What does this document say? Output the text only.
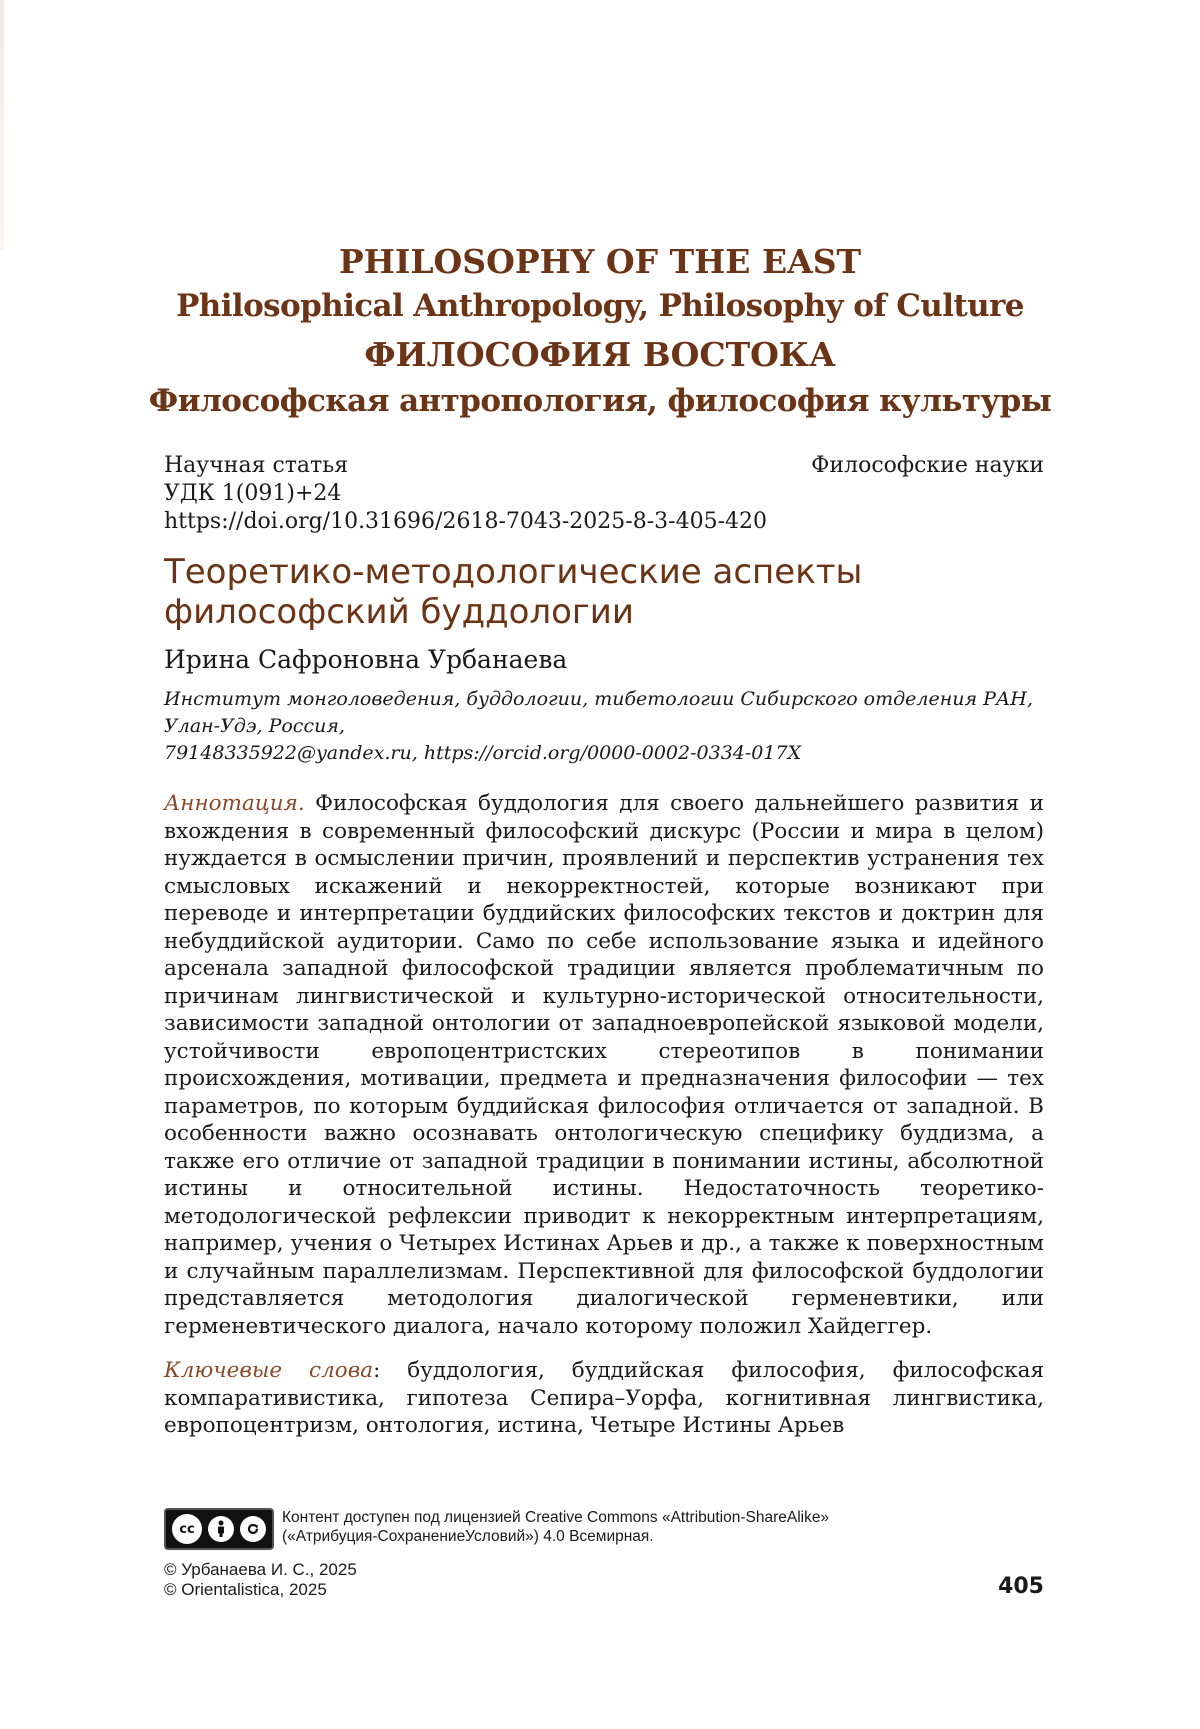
PHILOSOPHY OF THE EAST
Philosophical Anthropology, Philosophy of Culture
ФИЛОСОФИЯ ВОСТОКА
Философская антропология, философия культуры
Научная статья	Философские науки
УДК 1(091)+24
https://doi.org/10.31696/2618-7043-2025-8-3-405-420
Теоретико-методологические аспекты
философский буддологии
Ирина Сафроновна Урбанаева
Институт монголоведения, буддологии, тибетологии Сибирского отделения РАН,
Улан-Удэ, Россия,
79148335922@yandex.ru, https://orcid.org/0000-0002-0334-017X
Аннотация. Философская буддология для своего дальнейшего развития и вхождения в современный философский дискурс (России и мира в целом) нуждается в осмыслении причин, проявлений и перспектив устранения тех смысловых искажений и некорректностей, которые возникают при переводе и интерпретации буддийских философских текстов и доктрин для небуддийской аудитории. Само по себе использование языка и идейного арсенала западной философской традиции является проблематичным по причинам лингвистической и культурно-исторической относительности, зависимости западной онтологии от западноевропейской языковой модели, устойчивости европоцентристских стереотипов в понимании происхождения, мотивации, предмета и предназначения философии — тех параметров, по которым буддийская философия отличается от западной. В особенности важно осознавать онтологическую специфику буддизма, а также его отличие от западной традиции в понимании истины, абсолютной истины и относительной истины. Недостаточность теоретико-методологической рефлексии приводит к некорректным интерпретациям, например, учения о Четырех Истинах Арьев и др., а также к поверхностным и случайным параллелизмам. Перспективной для философской буддологии представляется методология диалогической герменевтики, или герменевтического диалога, начало которому положил Хайдеггер.
Ключевые слова: буддология, буддийская философия, философская компаративистика, гипотеза Сепира–Уорфа, когнитивная лингвистика, европоцентризм, онтология, истина, Четыре Истины Арьев
cc
Контент доступен под лицензией Creative Commons «Attribution-ShareAlike»
(«Атрибуция-СохранениеУсловий») 4.0 Всемирная.
© Урбанаева И. С., 2025
© Orientalistica, 2025	405
